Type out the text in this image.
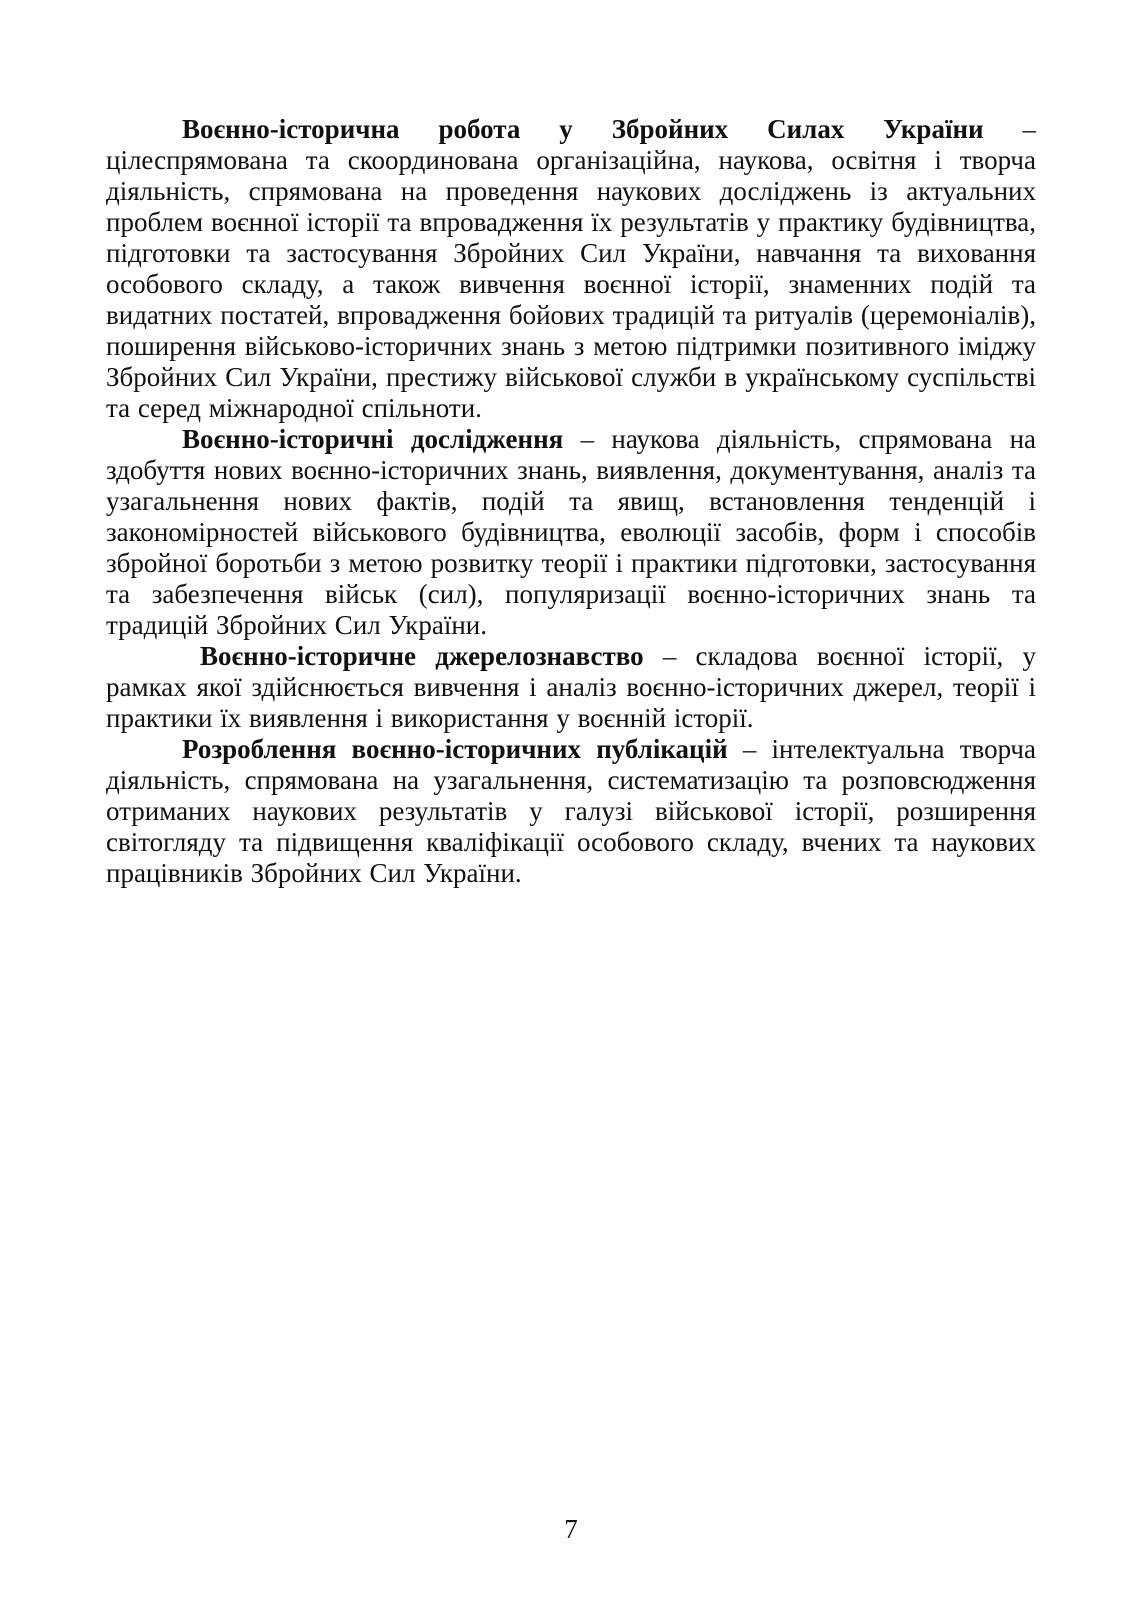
Воєнно-історична робота у Збройних Силах України – цілеспрямована та скоординована організаційна, наукова, освітня і творча діяльність, спрямована на проведення наукових досліджень із актуальних проблем воєнної історії та впровадження їх результатів у практику будівництва, підготовки та застосування Збройних Сил України, навчання та виховання особового складу, а також вивчення воєнної історії, знаменних подій та видатних постатей, впровадження бойових традицій та ритуалів (церемоніалів), поширення військово-історичних знань з метою підтримки позитивного іміджу Збройних Сил України, престижу військової служби в українському суспільстві та серед міжнародної спільноти.

Воєнно-історичні дослідження – наукова діяльність, спрямована на здобуття нових воєнно-історичних знань, виявлення, документування, аналіз та узагальнення нових фактів, подій та явищ, встановлення тенденцій і закономірностей військового будівництва, еволюції засобів, форм і способів збройної боротьби з метою розвитку теорії і практики підготовки, застосування та забезпечення військ (сил), популяризації воєнно-історичних знань та традицій Збройних Сил України.

Воєнно-історичне джерелознавство – складова воєнної історії, у рамках якої здійснюється вивчення і аналіз воєнно-історичних джерел, теорії і практики їх виявлення і використання у воєнній історії.

Розроблення воєнно-історичних публікацій – інтелектуальна творча діяльність, спрямована на узагальнення, систематизацію та розповсюдження отриманих наукових результатів у галузі військової історії, розширення світогляду та підвищення кваліфікації особового складу, вчених та наукових працівників Збройних Сил України.

7
